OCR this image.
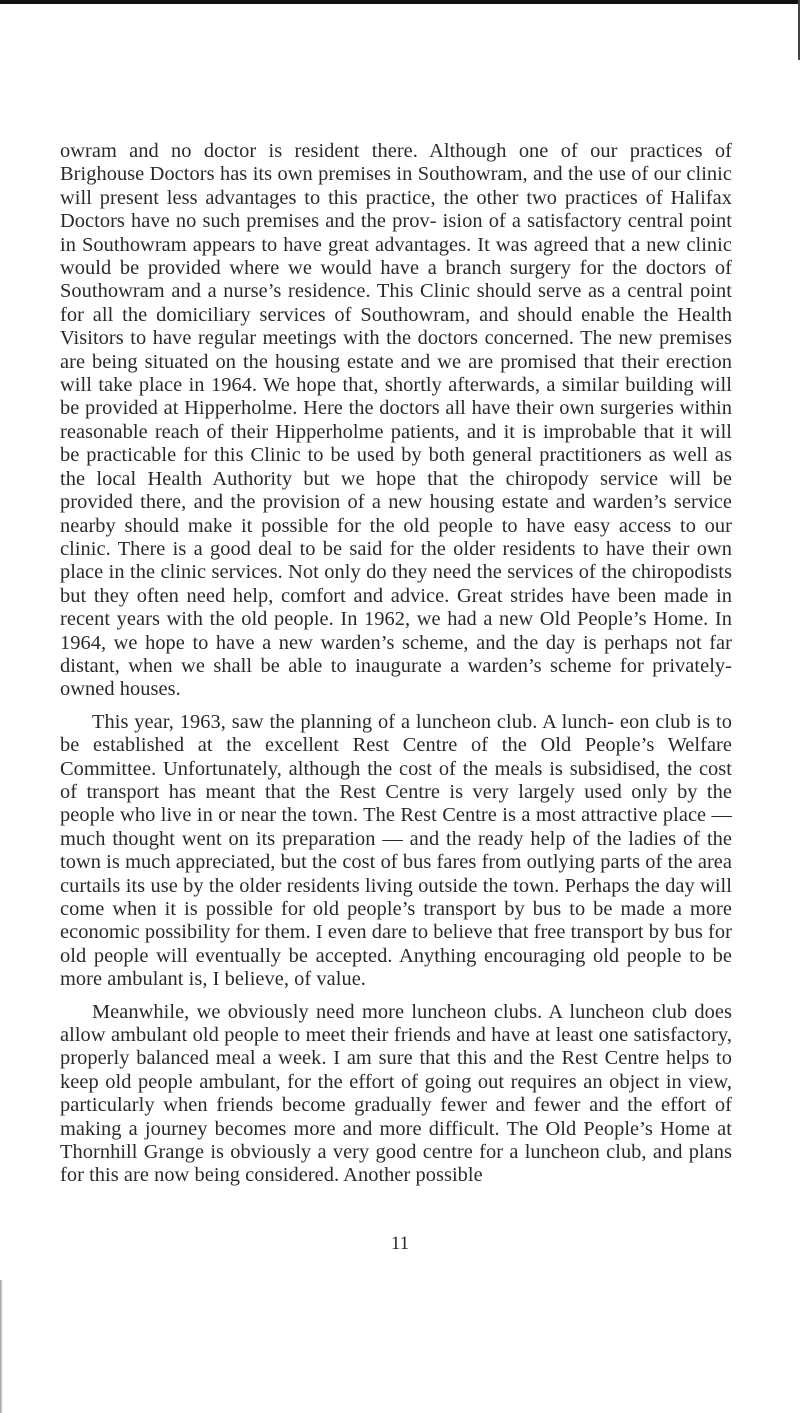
owram and no doctor is resident there. Although one of our practices of Brighouse Doctors has its own premises in Southowram, and the use of our clinic will present less advantages to this practice, the other two practices of Halifax Doctors have no such premises and the prov- ision of a satisfactory central point in Southowram appears to have great advantages. It was agreed that a new clinic would be provided where we would have a branch surgery for the doctors of Southowram and a nurse’s residence. This Clinic should serve as a central point for all the domiciliary services of Southowram, and should enable the Health Visitors to have regular meetings with the doctors concerned. The new premises are being situated on the housing estate and we are promised that their erection will take place in 1964. We hope that, shortly afterwards, a similar building will be provided at Hipperholme. Here the doctors all have their own surgeries within reasonable reach of their Hipperholme patients, and it is improbable that it will be practicable for this Clinic to be used by both general practitioners as well as the local Health Authority but we hope that the chiropody service will be provided there, and the provision of a new housing estate and warden’s service nearby should make it possible for the old people to have easy access to our clinic. There is a good deal to be said for the older residents to have their own place in the clinic services. Not only do they need the services of the chiropodists but they often need help, comfort and advice. Great strides have been made in recent years with the old people. In 1962, we had a new Old People’s Home. In 1964, we hope to have a new warden’s scheme, and the day is perhaps not far distant, when we shall be able to inaugurate a warden’s scheme for privately-owned houses.

This year, 1963, saw the planning of a luncheon club. A lunch- eon club is to be established at the excellent Rest Centre of the Old People’s Welfare Committee. Unfortunately, although the cost of the meals is subsidised, the cost of transport has meant that the Rest Centre is very largely used only by the people who live in or near the town. The Rest Centre is a most attractive place — much thought went on its preparation — and the ready help of the ladies of the town is much appreciated, but the cost of bus fares from outlying parts of the area curtails its use by the older residents living outside the town. Perhaps the day will come when it is possible for old people’s transport by bus to be made a more economic possibility for them. I even dare to believe that free transport by bus for old people will eventually be accepted. Anything encouraging old people to be more ambulant is, I believe, of value.

Meanwhile, we obviously need more luncheon clubs. A luncheon club does allow ambulant old people to meet their friends and have at least one satisfactory, properly balanced meal a week. I am sure that this and the Rest Centre helps to keep old people ambulant, for the effort of going out requires an object in view, particularly when friends become gradually fewer and fewer and the effort of making a journey becomes more and more difficult. The Old People’s Home at Thornhill Grange is obviously a very good centre for a luncheon club, and plans for this are now being considered. Another possible

11
